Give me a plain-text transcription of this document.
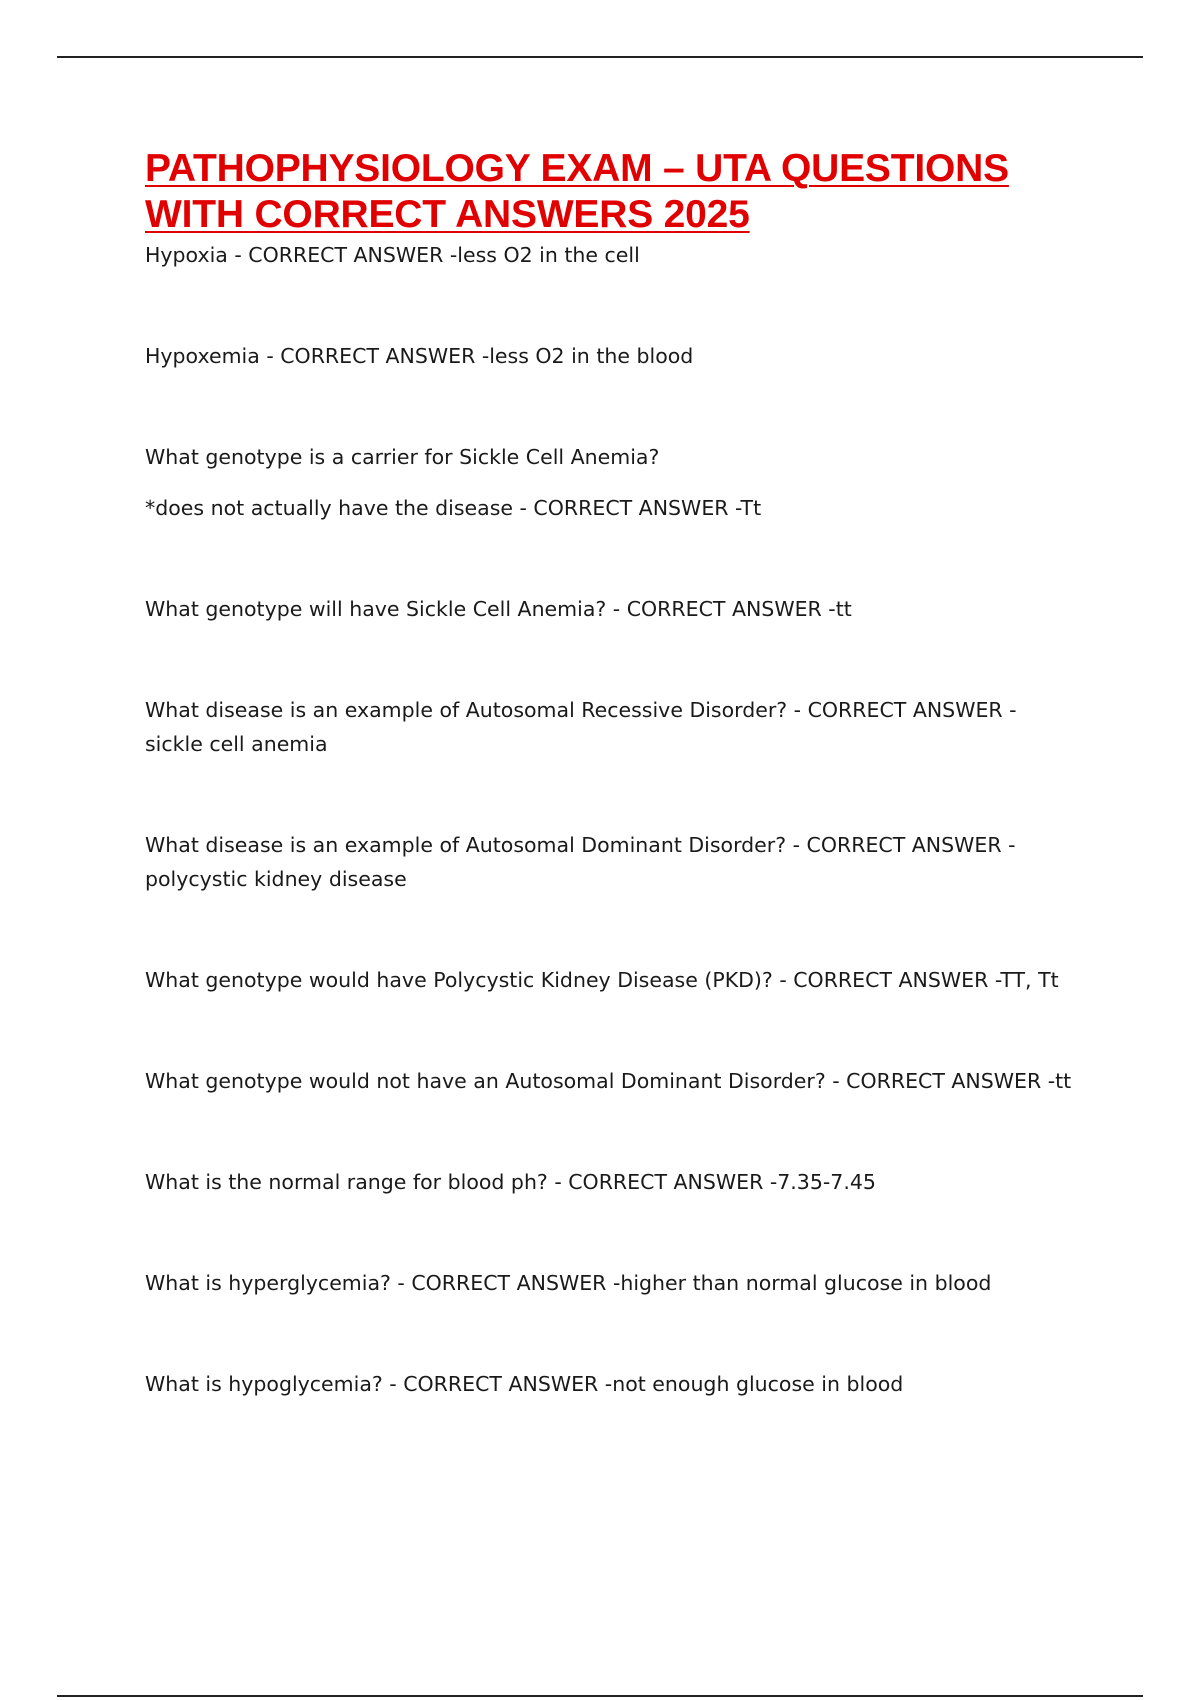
PATHOPHYSIOLOGY EXAM – UTA QUESTIONS
WITH CORRECT ANSWERS 2025

Hypoxia - CORRECT ANSWER -less O2 in the cell

Hypoxemia - CORRECT ANSWER -less O2 in the blood

What genotype is a carrier for Sickle Cell Anemia?

*does not actually have the disease - CORRECT ANSWER -Tt

What genotype will have Sickle Cell Anemia? - CORRECT ANSWER -tt

What disease is an example of Autosomal Recessive Disorder? - CORRECT ANSWER - sickle cell anemia

What disease is an example of Autosomal Dominant Disorder? - CORRECT ANSWER - polycystic kidney disease

What genotype would have Polycystic Kidney Disease (PKD)? - CORRECT ANSWER -TT, Tt

What genotype would not have an Autosomal Dominant Disorder? - CORRECT ANSWER -tt

What is the normal range for blood ph? - CORRECT ANSWER -7.35-7.45

What is hyperglycemia? - CORRECT ANSWER -higher than normal glucose in blood

What is hypoglycemia? - CORRECT ANSWER -not enough glucose in blood
